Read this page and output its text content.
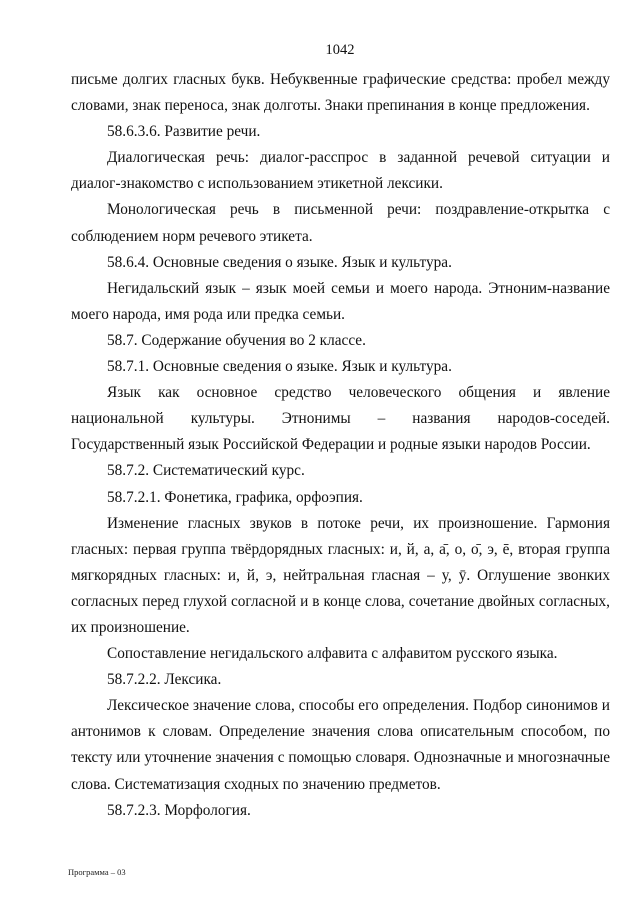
1042

письме долгих гласных букв. Небуквенные графические средства: пробел между словами, знак переноса, знак долготы. Знаки препинания в конце предложения.

58.6.3.6. Развитие речи.

Диалогическая речь: диалог-расспрос в заданной речевой ситуации и диалог-знакомство с использованием этикетной лексики.

Монологическая речь в письменной речи: поздравление-открытка с соблюдением норм речевого этикета.

58.6.4. Основные сведения о языке. Язык и культура.

Негидальский язык – язык моей семьи и моего народа. Этноним-название моего народа, имя рода или предка семьи.

58.7. Содержание обучения во 2 классе.

58.7.1. Основные сведения о языке. Язык и культура.

Язык как основное средство человеческого общения и явление национальной культуры. Этнонимы – названия народов-соседей. Государственный язык Российской Федерации и родные языки народов России.

58.7.2. Систематический курс.

58.7.2.1. Фонетика, графика, орфоэпия.

Изменение гласных звуков в потоке речи, их произношение. Гармония гласных: первая группа твёрдорядных гласных: и, й, а, а̄, о, о̄, э, ē, вторая группа мягкорядных гласных: и, й, э, нейтральная гласная – у, ӯ. Оглушение звонких согласных перед глухой согласной и в конце слова, сочетание двойных согласных, их произношение.

Сопоставление негидальского алфавита с алфавитом русского языка.

58.7.2.2. Лексика.

Лексическое значение слова, способы его определения. Подбор синонимов и антонимов к словам. Определение значения слова описательным способом, по тексту или уточнение значения с помощью словаря. Однозначные и многозначные слова. Систематизация сходных по значению предметов.

58.7.2.3. Морфология.

Программа – 03
